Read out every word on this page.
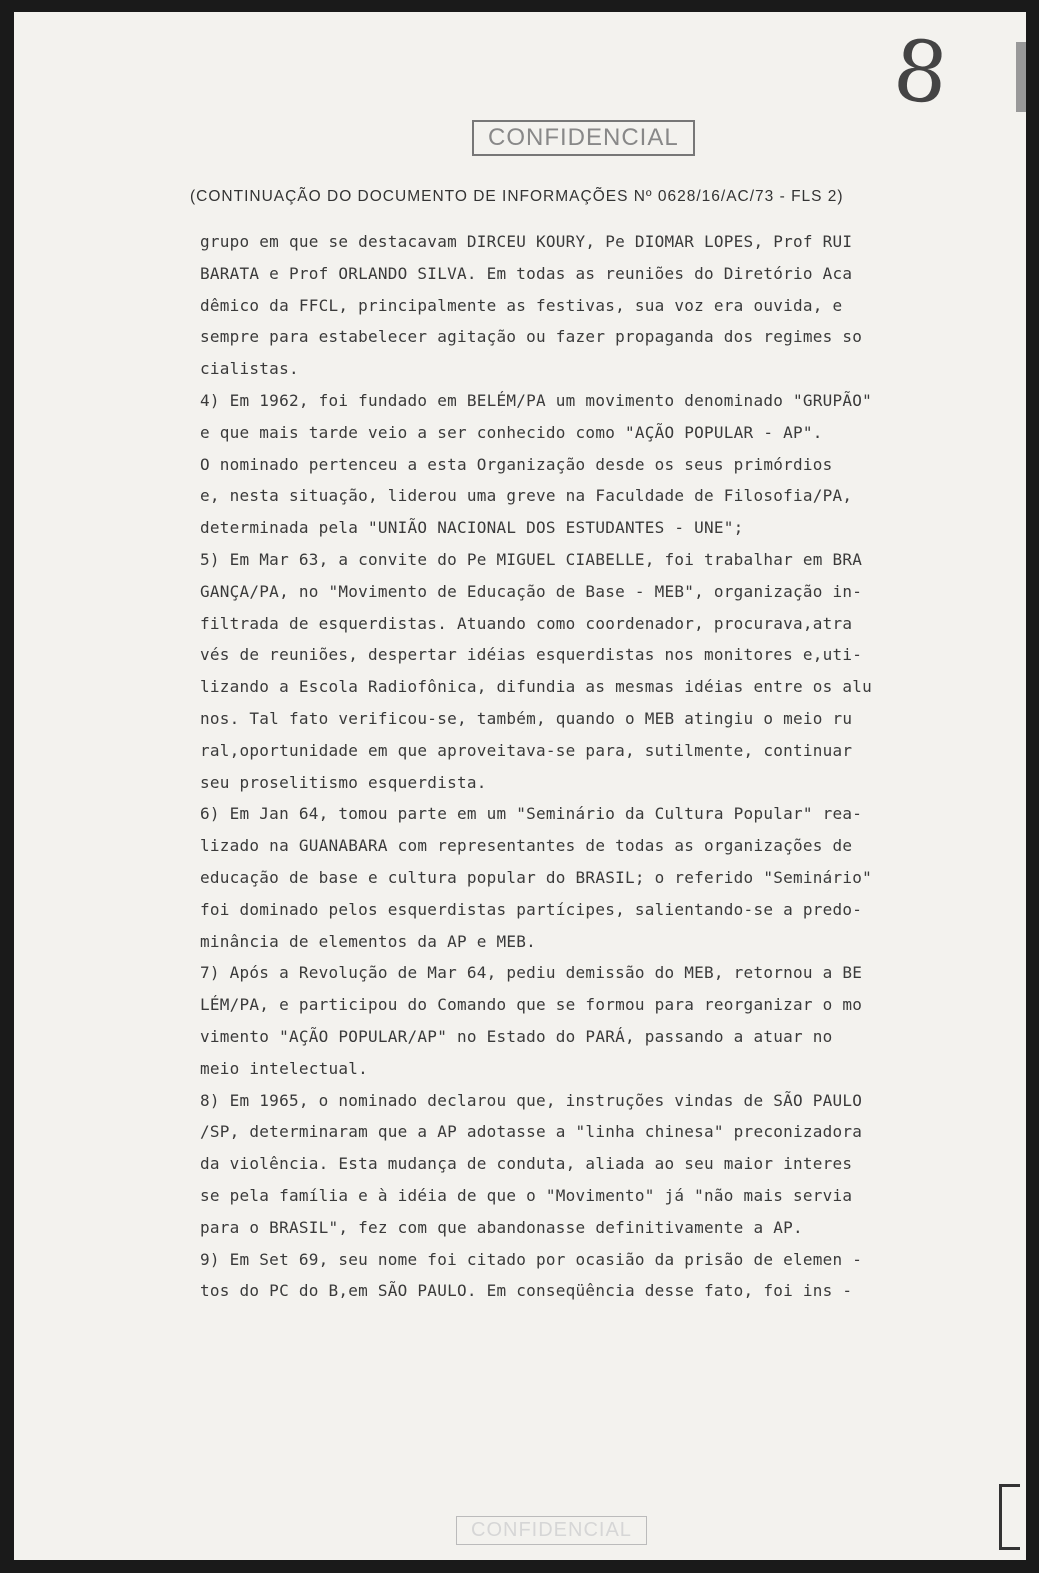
8
CONFIDENCIAL
(CONTINUAÇÃO DO DOCUMENTO DE INFORMAÇÕES Nº 0628/16/AC/73 - FLS 2)
grupo em que se destacavam DIRCEU KOURY, Pe DIOMAR LOPES, Prof RUI
BARATA e Prof ORLANDO SILVA. Em todas as reuniões do Diretório Aca
dêmico da FFCL, principalmente as festivas, sua voz era ouvida, e
sempre para estabelecer agitação ou fazer propaganda dos regimes so
cialistas.
4) Em 1962, foi fundado em BELÉM/PA um movimento denominado "GRUPÃO"
e que mais tarde veio a ser conhecido como "AÇÃO POPULAR - AP".
O nominado pertenceu a esta Organização desde os seus primórdios
e, nesta situação, liderou uma greve na Faculdade de Filosofia/PA,
determinada pela "UNIÃO NACIONAL DOS ESTUDANTES - UNE";
5) Em Mar 63, a convite do Pe MIGUEL CIABELLE, foi trabalhar em BRA
GANÇA/PA, no "Movimento de Educação de Base - MEB", organização in-
filtrada de esquerdistas. Atuando como coordenador, procurava,atra
vés de reuniões, despertar idéias esquerdistas nos monitores e,uti-
lizando a Escola Radiofônica, difundia as mesmas idéias entre os alu
nos. Tal fato verificou-se, também, quando o MEB atingiu o meio ru
ral,oportunidade em que aproveitava-se para, sutilmente, continuar
seu proselitismo esquerdista.
6) Em Jan 64, tomou parte em um "Seminário da Cultura Popular" rea-
lizado na GUANABARA com representantes de todas as organizações de
educação de base e cultura popular do BRASIL; o referido "Seminário"
foi dominado pelos esquerdistas partícipes, salientando-se a predo-
minância de elementos da AP e MEB.
7) Após a Revolução de Mar 64, pediu demissão do MEB, retornou a BE
LÉM/PA, e participou do Comando que se formou para reorganizar o mo
vimento "AÇÃO POPULAR/AP" no Estado do PARÁ, passando a atuar no
meio intelectual.
8) Em 1965, o nominado declarou que, instruções vindas de SÃO PAULO
/SP, determinaram que a AP adotasse a "linha chinesa" preconizadora
da violência. Esta mudança de conduta, aliada ao seu maior interes
se pela família e à idéia de que o "Movimento" já "não mais servia
para o BRASIL", fez com que abandonasse definitivamente a AP.
9) Em Set 69, seu nome foi citado por ocasião da prisão de elemen -
tos do PC do B,em SÃO PAULO. Em conseqüência desse fato, foi ins -
CONFIDENCIAL
